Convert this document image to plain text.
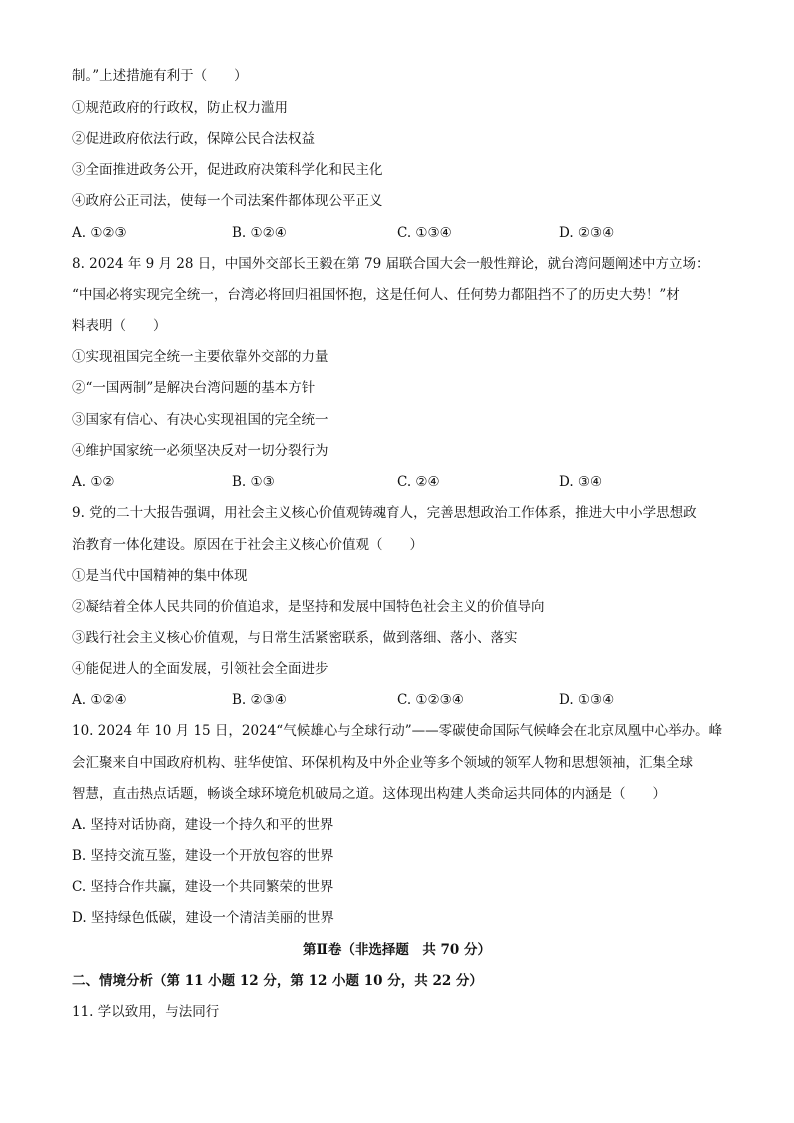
制。”上述措施有利于（　　）
①规范政府的行政权，防止权力滥用
②促进政府依法行政，保障公民合法权益
③全面推进政务公开，促进政府决策科学化和民主化
④政府公正司法，使每一个司法案件都体现公平正义
A. ①②③	B. ①②④	C. ①③④	D. ②③④
8. 2024 年 9 月 28 日，中国外交部长王毅在第 79 届联合国大会一般性辩论，就台湾问题阐述中方立场：
“中国必将实现完全统一，台湾必将回归祖国怀抱，这是任何人、任何势力都阻挡不了的历史大势！”材
料表明（　　）
①实现祖国完全统一主要依靠外交部的力量
②“一国两制”是解决台湾问题的基本方针
③国家有信心、有决心实现祖国的完全统一
④维护国家统一必须坚决反对一切分裂行为
A. ①②	B. ①③	C. ②④	D. ③④
9. 党的二十大报告强调，用社会主义核心价值观铸魂育人，完善思想政治工作体系，推进大中小学思想政
治教育一体化建设。原因在于社会主义核心价值观（　　）
①是当代中国精神的集中体现
②凝结着全体人民共同的价值追求，是坚持和发展中国特色社会主义的价值导向
③践行社会主义核心价值观，与日常生活紧密联系，做到落细、落小、落实
④能促进人的全面发展，引领社会全面进步
A. ①②④	B. ②③④	C. ①②③④	D. ①③④
10. 2024 年 10 月 15 日，2024“气候雄心与全球行动”——零碳使命国际气候峰会在北京凤凰中心举办。峰
会汇聚来自中国政府机构、驻华使馆、环保机构及中外企业等多个领域的领军人物和思想领袖，汇集全球
智慧，直击热点话题，畅谈全球环境危机破局之道。这体现出构建人类命运共同体的内涵是（　　）
A. 坚持对话协商，建设一个持久和平的世界
B. 坚持交流互鉴，建设一个开放包容的世界
C. 坚持合作共赢，建设一个共同繁荣的世界
D. 坚持绿色低碳，建设一个清洁美丽的世界
第Ⅱ卷（非选择题　共 70 分）
二、情境分析（第 11 小题 12 分，第 12 小题 10 分，共 22 分）
11. 学以致用，与法同行
